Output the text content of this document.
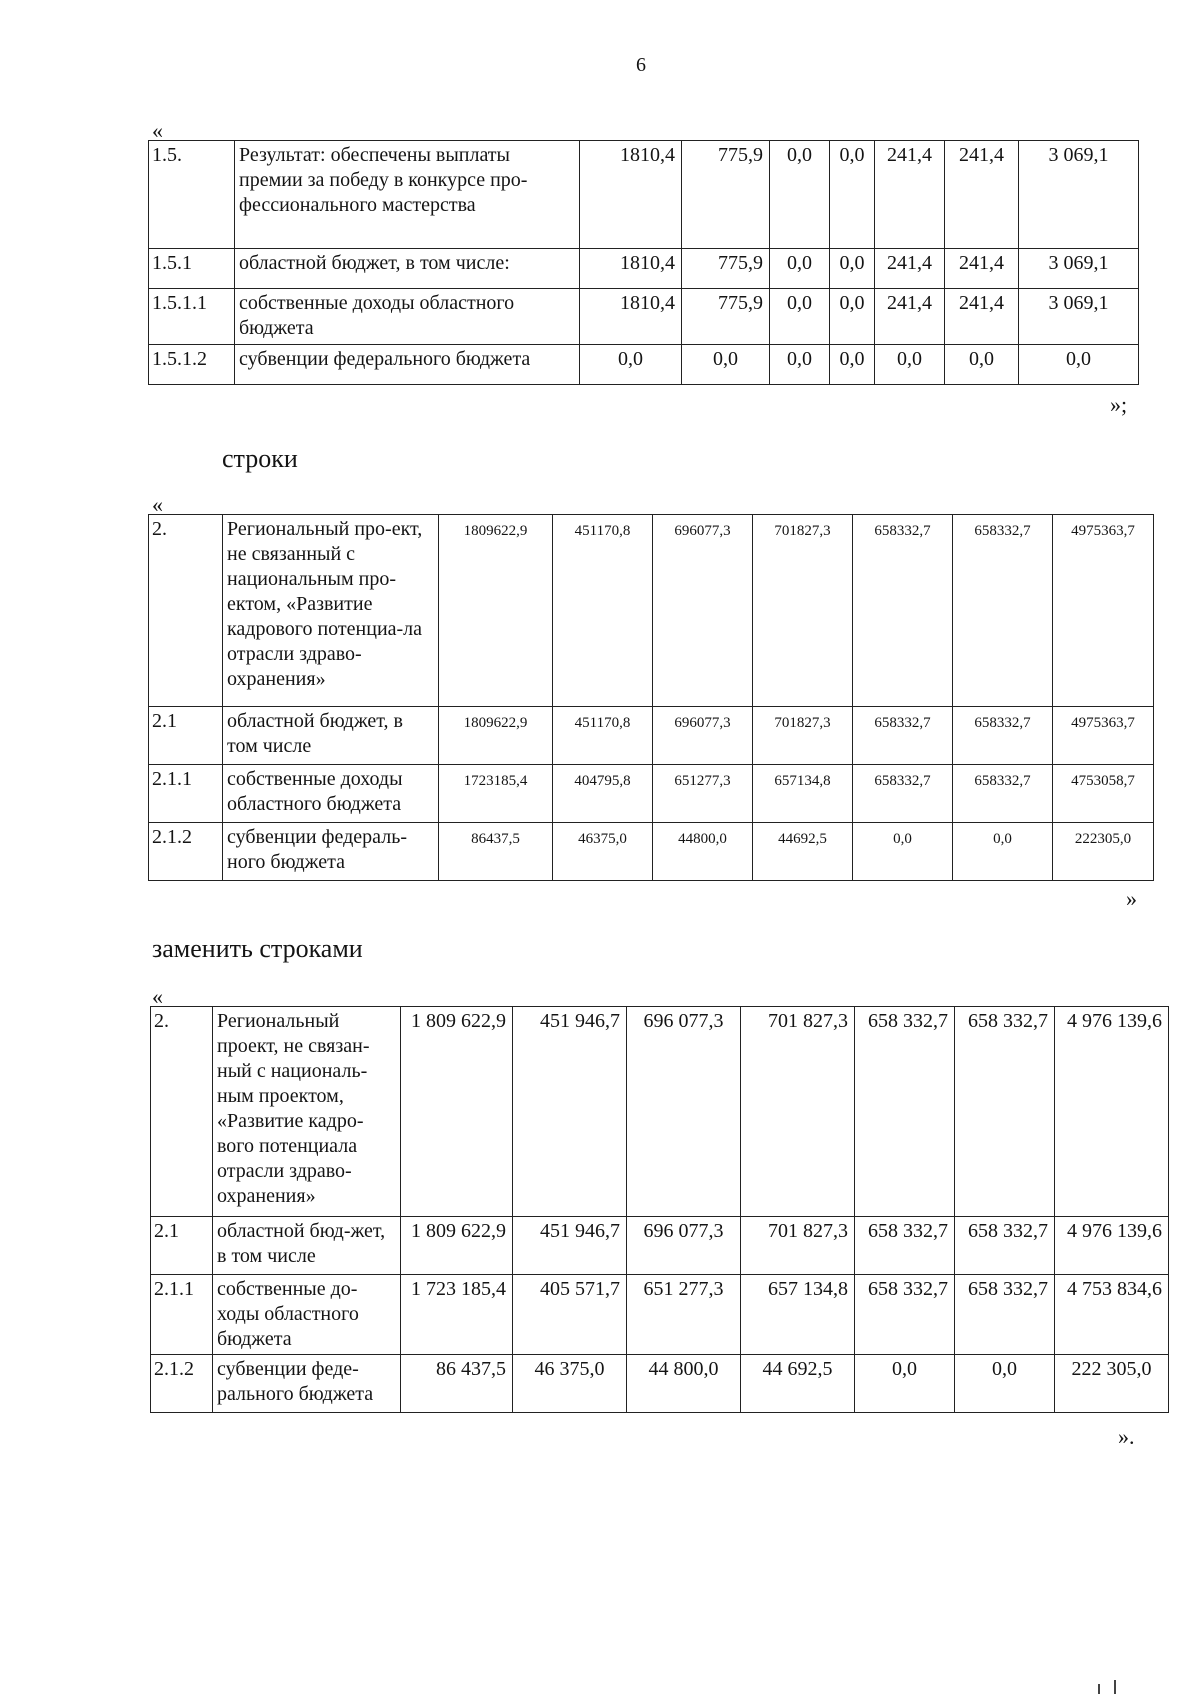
6
«
1.5.	Результат: обеспечены выплаты премии за победу в конкурсе про-фессионального мастерства	1810,4	775,9	0,0	0,0	241,4	241,4	3 069,1
1.5.1	областной бюджет, в том числе:	1810,4	775,9	0,0	0,0	241,4	241,4	3 069,1
1.5.1.1	собственные доходы областного бюджета	1810,4	775,9	0,0	0,0	241,4	241,4	3 069,1
1.5.1.2	субвенции федерального бюджета	0,0	0,0	0,0	0,0	0,0	0,0	0,0
»;
строки
«
2.	Региональный про-ект, не связанный с национальным про-ектом, «Развитие кадрового потенциа-ла отрасли здраво-охранения»	1809622,9	451170,8	696077,3	701827,3	658332,7	658332,7	4975363,7
2.1	областной бюджет, в том числе	1809622,9	451170,8	696077,3	701827,3	658332,7	658332,7	4975363,7
2.1.1	собственные доходы областного бюджета	1723185,4	404795,8	651277,3	657134,8	658332,7	658332,7	4753058,7
2.1.2	субвенции федераль-ного бюджета	86437,5	46375,0	44800,0	44692,5	0,0	0,0	222305,0
»
заменить строками
«
2.	Региональный проект, не связан-ный с националь-ным проектом, «Развитие кадро-вого потенциала отрасли здраво-охранения»	1 809 622,9	451 946,7	696 077,3	701 827,3	658 332,7	658 332,7	4 976 139,6
2.1	областной бюд-жет, в том числе	1 809 622,9	451 946,7	696 077,3	701 827,3	658 332,7	658 332,7	4 976 139,6
2.1.1	собственные до-ходы областного бюджета	1 723 185,4	405 571,7	651 277,3	657 134,8	658 332,7	658 332,7	4 753 834,6
2.1.2	субвенции феде-рального бюджета	86 437,5	46 375,0	44 800,0	44 692,5	0,0	0,0	222 305,0
».
